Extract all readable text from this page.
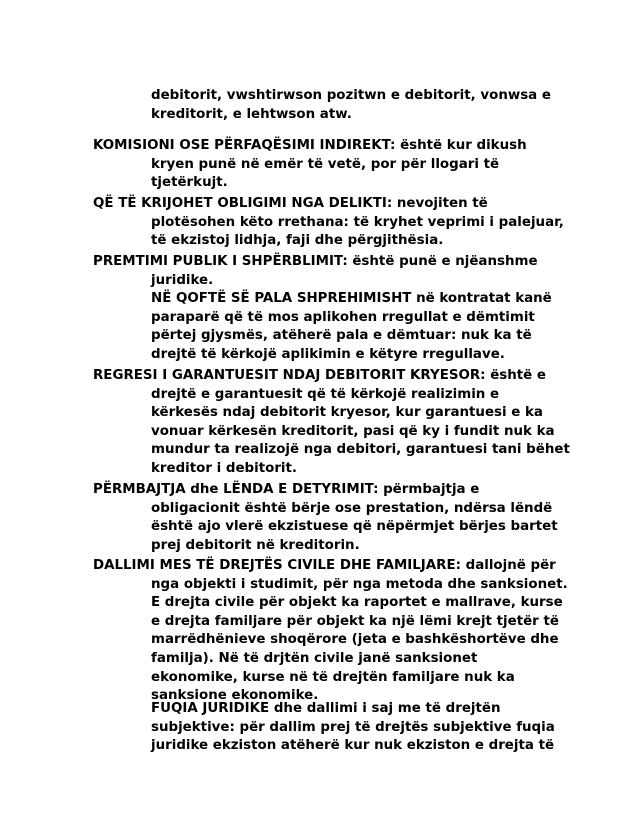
debitorit, vwshtirwson pozitwn e debitorit, vonwsa e
kreditorit, e lehtwson atw.
KOMISIONI OSE PËRFAQËSIMI INDIREKT: është kur dikush
kryen punë në emër të vetë, por për llogari të
tjetërkujt.
QË TË KRIJOHET OBLIGIMI NGA DELIKTI: nevojiten të
plotësohen këto rrethana: të kryhet veprimi i palejuar,
të ekzistoj lidhja, faji dhe përgjithësia.
PREMTIMI PUBLIK I SHPËRBLIMIT: është punë e njëanshme
juridike.
NË QOFTË SË PALA SHPREHIMISHT në kontratat kanë
paraparë që të mos aplikohen rregullat e dëmtimit
përtej gjysmës, atëherë pala e dëmtuar: nuk ka të
drejtë të kërkojë aplikimin e këtyre rregullave.
REGRESI I GARANTUESIT NDAJ DEBITORIT KRYESOR: është e
drejtë e garantuesit që të kërkojë realizimin e
kërkesës ndaj debitorit kryesor, kur garantuesi e ka
vonuar kërkesën kreditorit, pasi që ky i fundit nuk ka
mundur ta realizojë nga debitori, garantuesi tani bëhet
kreditor i debitorit.
PËRMBAJTJA dhe LËNDA E DETYRIMIT: përmbajtja e
obligacionit është bërje ose prestation, ndërsa lëndë
është ajo vlerë ekzistuese që nëpërmjet bërjes bartet
prej debitorit në kreditorin.
DALLIMI MES TË DREJTËS CIVILE DHE FAMILJARE: dallojnë për
nga objekti i studimit, për nga metoda dhe sanksionet.
E drejta civile për objekt ka raportet e mallrave, kurse
e drejta familjare për objekt ka një lëmi krejt tjetër të
marrëdhënieve shoqërore (jeta e bashkëshortëve dhe
familja). Në të drjtën civile janë sanksionet
ekonomike, kurse në të drejtën familjare nuk ka
sanksione ekonomike.
FUQIA JURIDIKE dhe dallimi i saj me të drejtën
subjektive: për dallim prej të drejtës subjektive fuqia
juridike ekziston atëherë kur nuk ekziston e drejta të
